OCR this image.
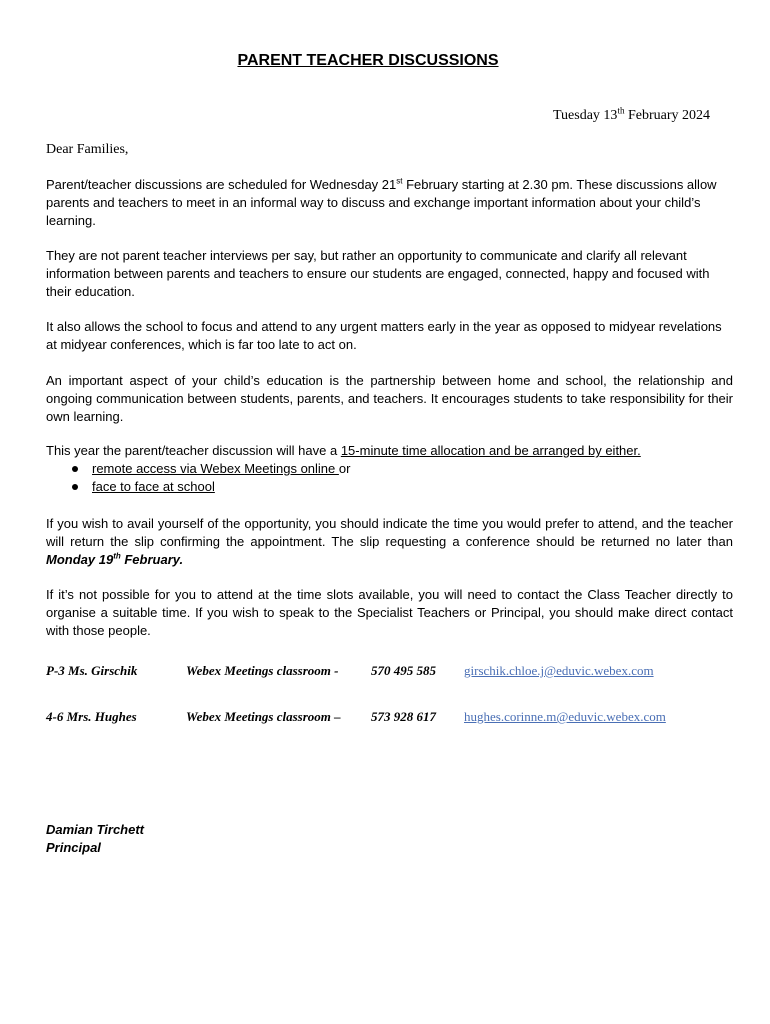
PARENT TEACHER DISCUSSIONS
Tuesday 13th February 2024
Dear Families,
Parent/teacher discussions are scheduled for Wednesday 21st February starting at 2.30 pm. These discussions allow parents and teachers to meet in an informal way to discuss and exchange important information about your child’s learning.
They are not parent teacher interviews per say, but rather an opportunity to communicate and clarify all relevant information between parents and teachers to ensure our students are engaged, connected, happy and focused with their education.
It also allows the school to focus and attend to any urgent matters early in the year as opposed to midyear revelations at midyear conferences, which is far too late to act on.
An important aspect of your child’s education is the partnership between home and school, the relationship and ongoing communication between students, parents, and teachers. It encourages students to take responsibility for their own learning.
This year the parent/teacher discussion will have a 15-minute time allocation and be arranged by either.
remote access via Webex Meetings online or
face to face at school
If you wish to avail yourself of the opportunity, you should indicate the time you would prefer to attend, and the teacher will return the slip confirming the appointment. The slip requesting a conference should be returned no later than Monday 19th February.
If it’s not possible for you to attend at the time slots available, you will need to contact the Class Teacher directly to organise a suitable time. If you wish to speak to the Specialist Teachers or Principal, you should make direct contact with those people.
P-3 Ms. Girschik	Webex Meetings classroom -	570 495 585 girschik.chloe.j@eduvic.webex.com
4-6 Mrs. Hughes	Webex Meetings classroom – 573 928 617 hughes.corinne.m@eduvic.webex.com
Damian Tirchett
Principal
